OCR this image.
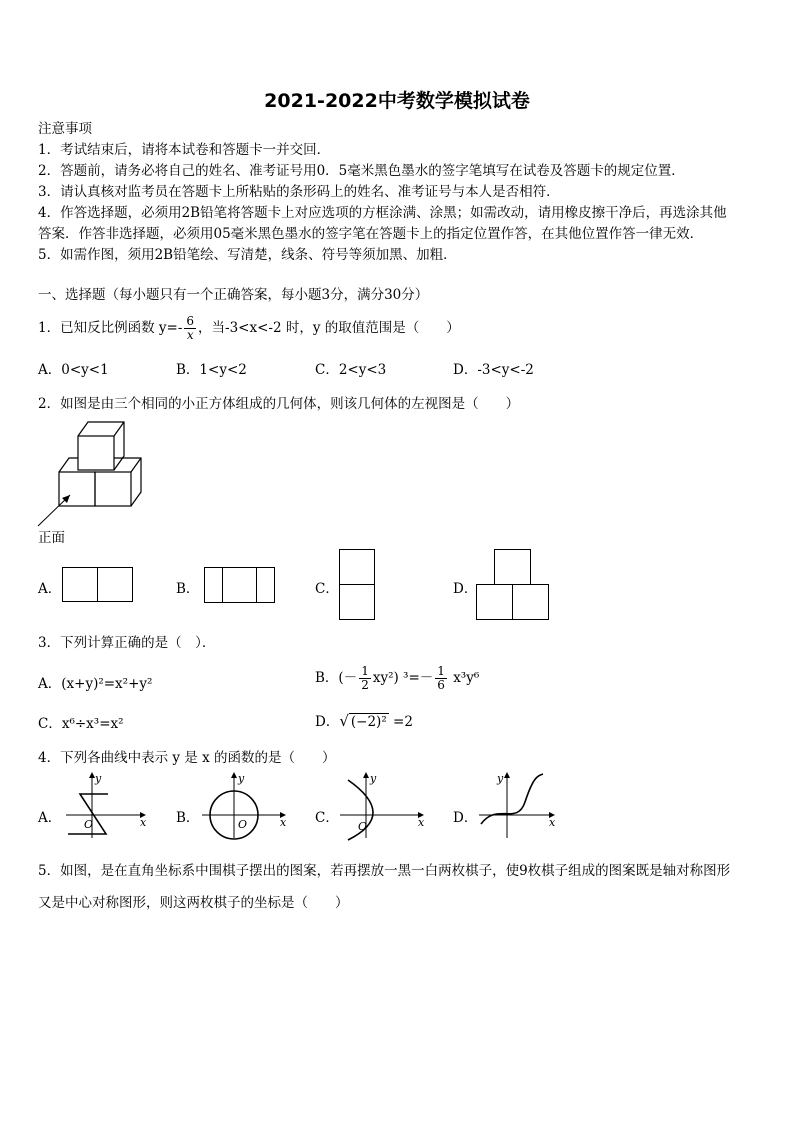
2021-2022中考数学模拟试卷
注意事项
1．考试结束后，请将本试卷和答题卡一并交回．
2．答题前，请务必将自己的姓名、准考证号用0．5毫米黑色墨水的签字笔填写在试卷及答题卡的规定位置．
3．请认真核对监考员在答题卡上所粘贴的条形码上的姓名、准考证号与本人是否相符．
4．作答选择题，必须用2B铅笔将答题卡上对应选项的方框涂满、涂黑；如需改动，请用橡皮擦干净后，再选涂其他
答案．作答非选择题，必须用05毫米黑色墨水的签字笔在答题卡上的指定位置作答，在其他位置作答一律无效．
5．如需作图，须用2B铅笔绘、写清楚，线条、符号等须加黑、加粗．
一、选择题（每小题只有一个正确答案，每小题3分，满分30分）
1．已知反比例函数 $y=- \frac{6}{x}$ ，当-3<x<-2 时，y 的取值范围是（　　）
A．0<y<1	B．1<y<2	C．2<y<3	D．-3<y<-2
2．如图是由三个相同的小正方体组成的几何体，则该几何体的左视图是（　　）
正面
A．	B．	C．	D．
3．下列计算正确的是（　）．
A．(x+y)²=x²+y²	B．(－ $\frac{1}{2} xy^2$) $^3=- \frac{1}{6} x^3y^6$
C．x⁶÷x³=x²	D．√ (−2)² =2
4．下列各曲线中表示 y 是 x 的函数的是（　　）
A．	x
y
O	B．	x
y
O	C．	x
y
O
D．	x
y
5．如图，是在直角坐标系中围棋子摆出的图案，若再摆放一黑一白两枚棋子，使9枚棋子组成的图案既是轴对称图形
又是中心对称图形，则这两枚棋子的坐标是（　　）
